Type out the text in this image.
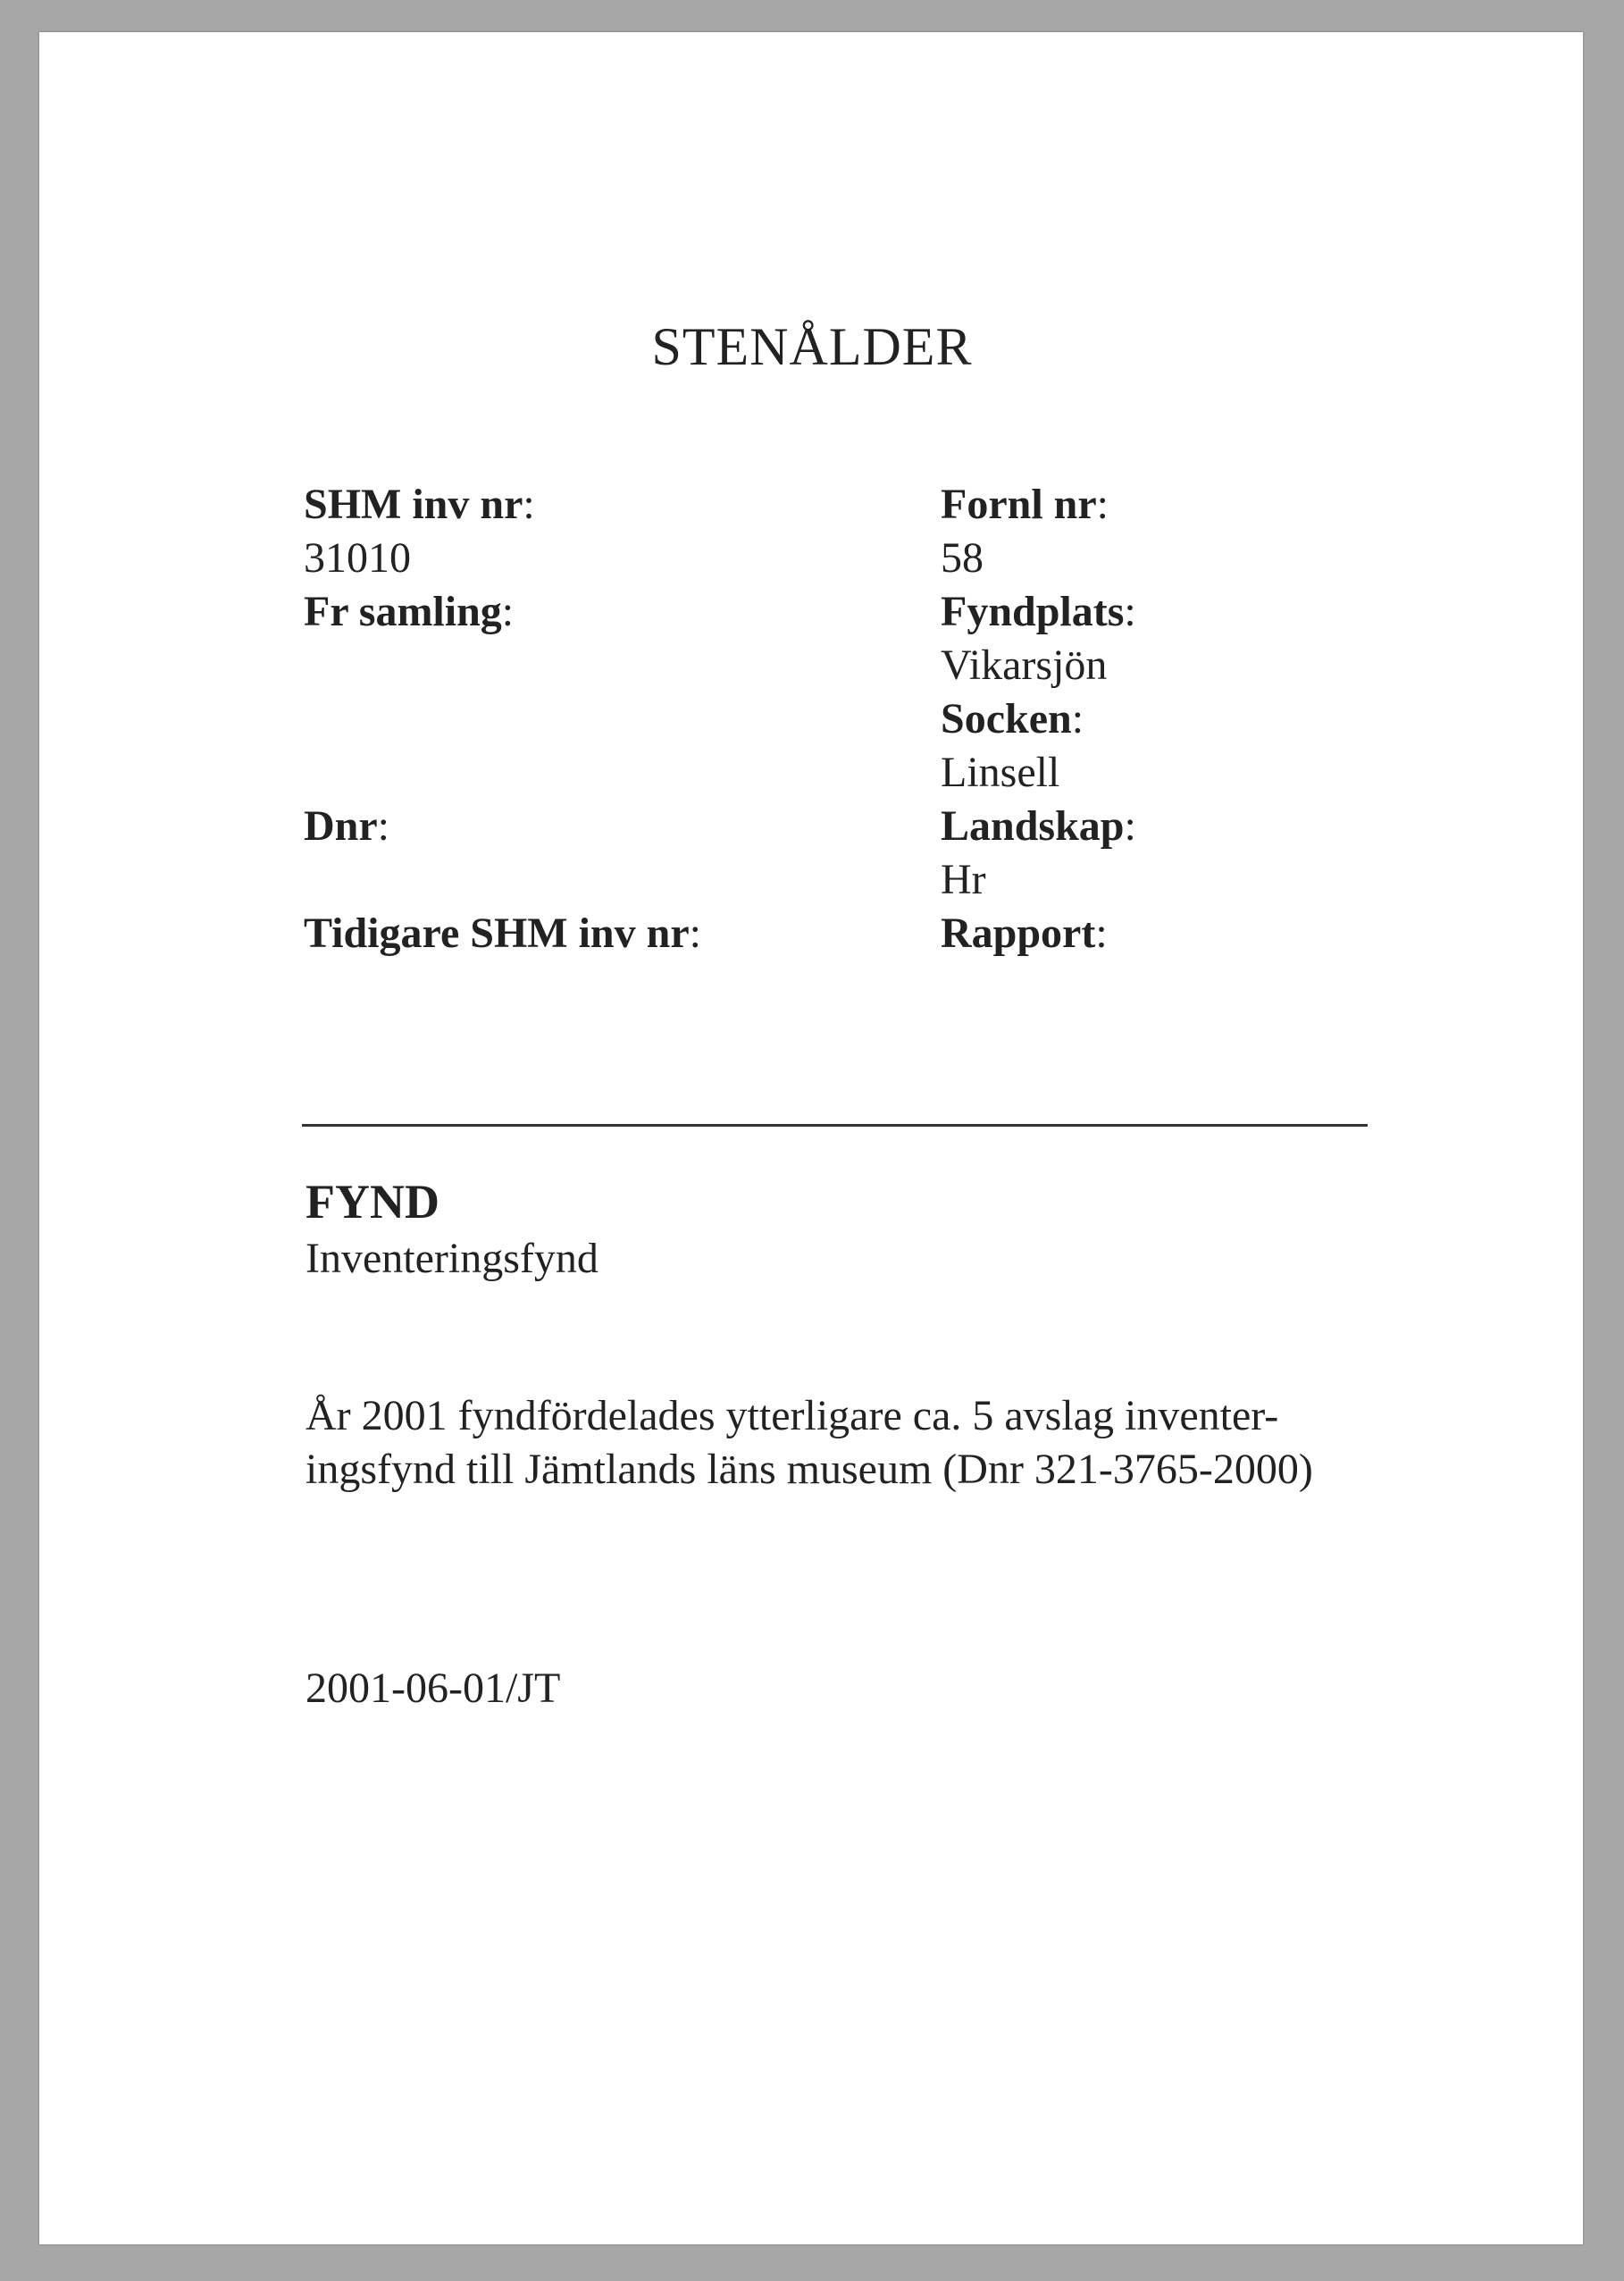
STENÅLDER
SHM inv nr:
31010
Fr samling:
Dnr:
Tidigare SHM inv nr:
Fornl nr:
58
Fyndplats:
Vikarsjön
Socken:
Linsell
Landskap:
Hr
Rapport:
FYND
Inventeringsfynd
År 2001 fyndfördelades ytterligare ca. 5 avslag inventer-
ingsfynd till Jämtlands läns museum (Dnr 321-3765-2000)
2001-06-01/JT
